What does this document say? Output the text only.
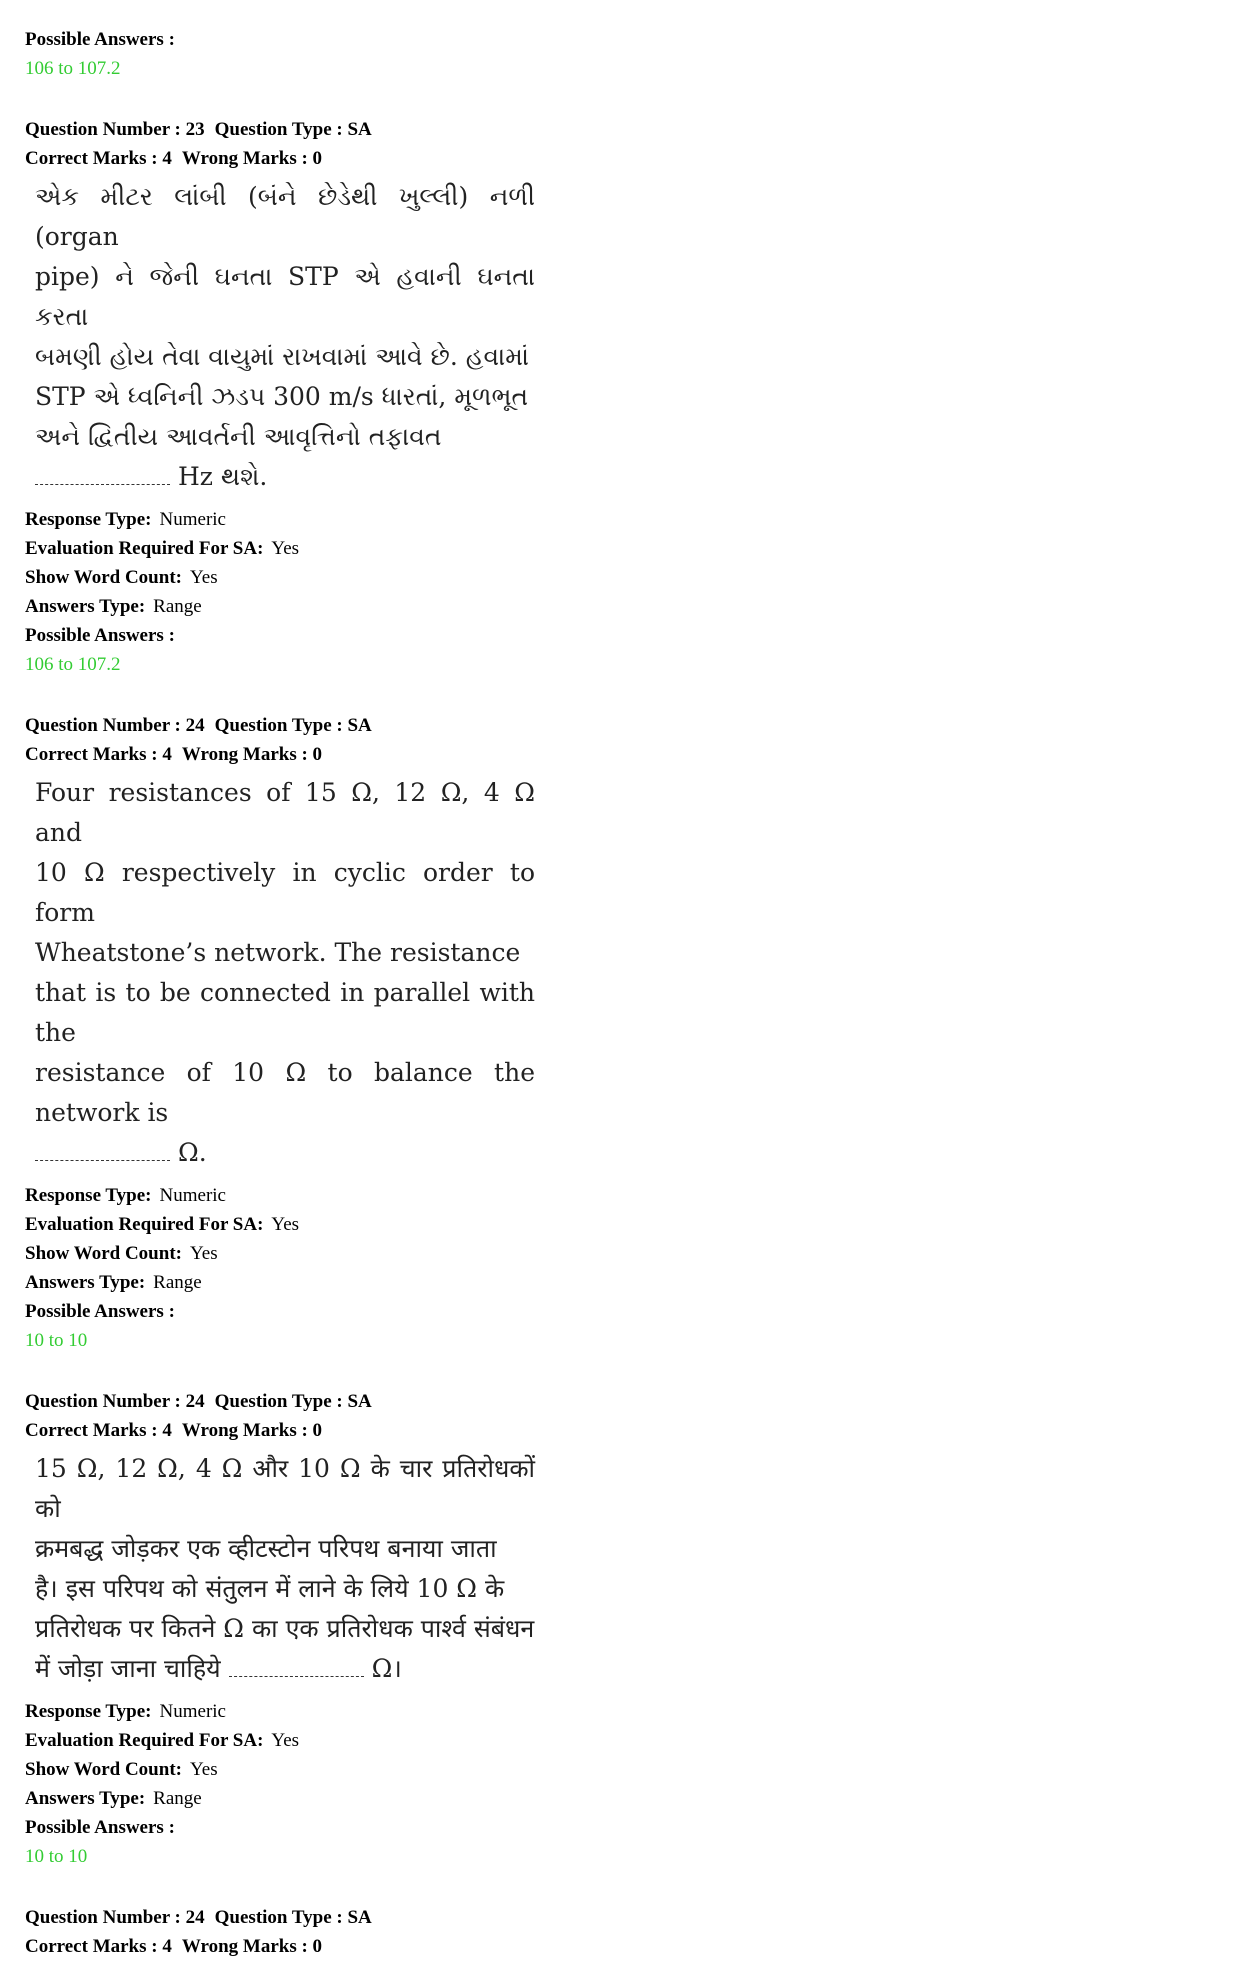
Possible Answers :
106 to 107.2
Question Number : 23 Question Type : SA
Correct Marks : 4 Wrong Marks : 0

એક મીટર લાંબી (બંને છેડેથી ખુલ્લી) નળી (organ

pipe) ને જેની ઘનતા STP એ હવાની ઘનતા કરતા

બમણી હોય તેવા વાયુમાં રાખવામાં આવે છે. હવામાં

STP એ ધ્વનિની ઝડપ 300 m/s ધારતાં, મૂળભૂત

અને દ્વિતીય આવર્તની આવૃત્તિનો તફાવત

Hz થશે.

Response Type: Numeric
Evaluation Required For SA: Yes
Show Word Count: Yes
Answers Type: Range
Possible Answers :
106 to 107.2
Question Number : 24 Question Type : SA
Correct Marks : 4 Wrong Marks : 0

Four resistances of 15 Ω, 12 Ω, 4 Ω and

10 Ω respectively in cyclic order to form

Wheatstone’s network. The resistance

that is to be connected in parallel with the

resistance of 10 Ω to balance the network is

Ω.

Response Type: Numeric
Evaluation Required For SA: Yes
Show Word Count: Yes
Answers Type: Range
Possible Answers :
10 to 10
Question Number : 24 Question Type : SA
Correct Marks : 4 Wrong Marks : 0

15 Ω, 12 Ω, 4 Ω और 10 Ω के चार प्रतिरोधकों को

क्रमबद्ध जोड़कर एक व्हीटस्टोन परिपथ बनाया जाता

है। इस परिपथ को संतुलन में लाने के लिये 10 Ω के

प्रतिरोधक पर कितने Ω का एक प्रतिरोधक पार्श्व संबंधन

में जोड़ा जाना चाहिये	Ω।

Response Type: Numeric
Evaluation Required For SA: Yes
Show Word Count: Yes
Answers Type: Range
Possible Answers :
10 to 10
Question Number : 24 Question Type : SA
Correct Marks : 4 Wrong Marks : 0
